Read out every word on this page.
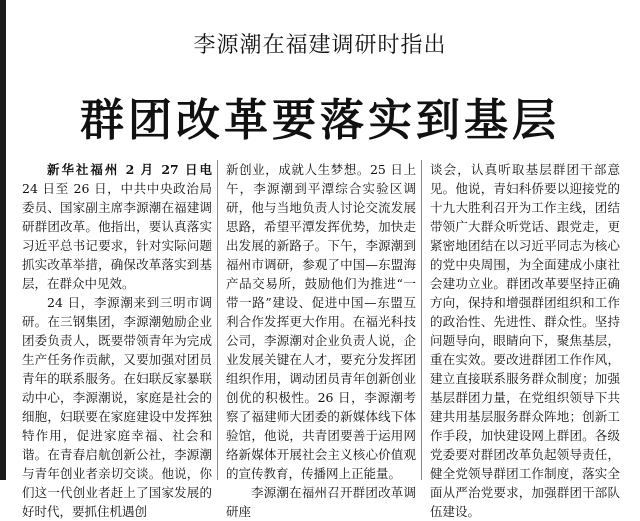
李源潮在福建调研时指出
群团改革要落实到基层

新华社福州 2 月 27 日电　24 日至 26 日，中共中央政治局委员、国家副主席李源潮在福建调研群团改革。他指出，要认真落实习近平总书记要求，针对实际问题抓实改革举措，确保改革落实到基层，在群众中见效。

24 日，李源潮来到三明市调研。在三钢集团，李源潮勉励企业团委负责人，既要带领青年为完成生产任务作贡献，又要加强对团员青年的联系服务。在妇联反家暴联动中心，李源潮说，家庭是社会的细胞，妇联要在家庭建设中发挥独特作用，促进家庭幸福、社会和谐。在青春启航创新公社，李源潮与青年创业者亲切交谈。他说，你们这一代创业者赶上了国家发展的好时代，要抓住机遇创

新创业，成就人生梦想。25 日上午，李源潮到平潭综合实验区调研，他与当地负责人讨论交流发展思路，希望平潭发挥优势，加快走出发展的新路子。下午，李源潮到福州市调研，参观了中国—东盟海产品交易所，鼓励他们为推进“一带一路”建设、促进中国—东盟互利合作发挥更大作用。在福光科技公司，李源潮对企业负责人说，企业发展关键在人才，要充分发挥团组织作用，调动团员青年创新创业创优的积极性。26 日，李源潮考察了福建师大团委的新媒体线下体验馆，他说，共青团要善于运用网络新媒体开展社会主义核心价值观的宣传教育，传播网上正能量。

李源潮在福州召开群团改革调研座

谈会，认真听取基层群团干部意见。他说，青妇科侨要以迎接党的十九大胜利召开为工作主线，团结带领广大群众听党话、跟党走，更紧密地团结在以习近平同志为核心的党中央周围，为全面建成小康社会建功立业。群团改革要坚持正确方向，保持和增强群团组织和工作的政治性、先进性、群众性。坚持问题导向，眼睛向下，聚焦基层，重在实效。要改进群团工作作风，建立直接联系服务群众制度；加强基层群团力量，在党组织领导下共建共用基层服务群众阵地；创新工作手段，加快建设网上群团。各级党委要对群团改革负起领导责任，健全党领导群团工作制度，落实全面从严治党要求，加强群团干部队伍建设。
